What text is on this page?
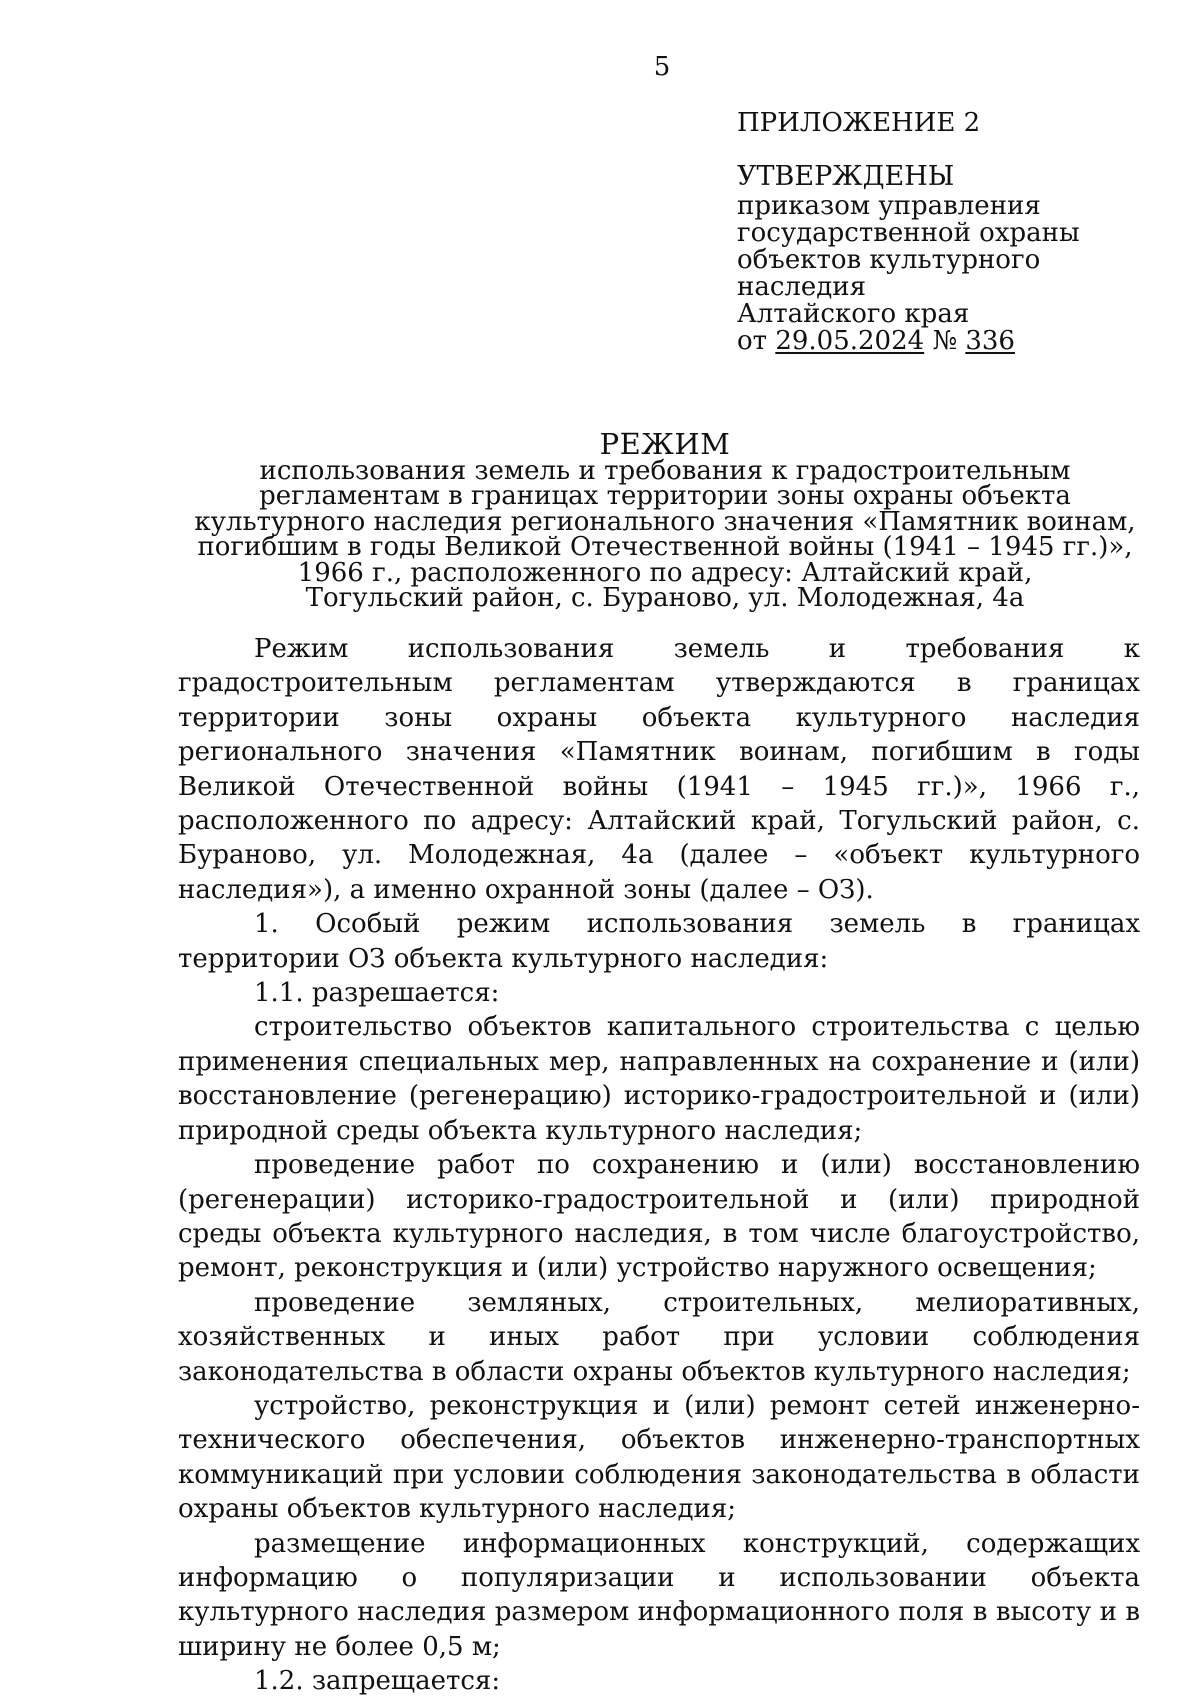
5
ПРИЛОЖЕНИЕ 2
УТВЕРЖДЕНЫ
приказом управления
государственной охраны
объектов культурного наследия
Алтайского края
от 29.05.2024 № 336
РЕЖИМ
использования земель и требования к градостроительным
регламентам в границах территории зоны охраны объекта
культурного наследия регионального значения «Памятник воинам,
погибшим в годы Великой Отечественной войны (1941 – 1945 гг.)»,
1966 г., расположенного по адресу: Алтайский край,
Тогульский район, с. Бураново, ул. Молодежная, 4а

Режим использования земель и требования к градостроительным регламентам утверждаются в границах территории зоны охраны объекта культурного наследия регионального значения «Памятник воинам, погибшим в годы Великой Отечественной войны (1941 – 1945 гг.)», 1966 г., расположенного по адресу: Алтайский край, Тогульский район, с. Бураново, ул. Молодежная, 4а (далее – «объект культурного наследия»), а именно охранной зоны (далее – ОЗ).

1. Особый режим использования земель в границах территории ОЗ объекта культурного наследия:

1.1. разрешается:

строительство объектов капитального строительства с целью применения специальных мер, направленных на сохранение и (или) восстановление (регенерацию) историко-градостроительной и (или) природной среды объекта культурного наследия;

проведение работ по сохранению и (или) восстановлению (регенерации) историко-градостроительной и (или) природной среды объекта культурного наследия, в том числе благоустройство, ремонт, реконструкция и (или) устройство наружного освещения;

проведение земляных, строительных, мелиоративных, хозяйственных и иных работ при условии соблюдения законодательства в области охраны объектов культурного наследия;

устройство, реконструкция и (или) ремонт сетей инженерно-технического обеспечения, объектов инженерно-транспортных коммуникаций при условии соблюдения законодательства в области охраны объектов культурного наследия;

размещение информационных конструкций, содержащих информацию о популяризации и использовании объекта культурного наследия размером информационного поля в высоту и в ширину не более 0,5 м;

1.2. запрещается:
